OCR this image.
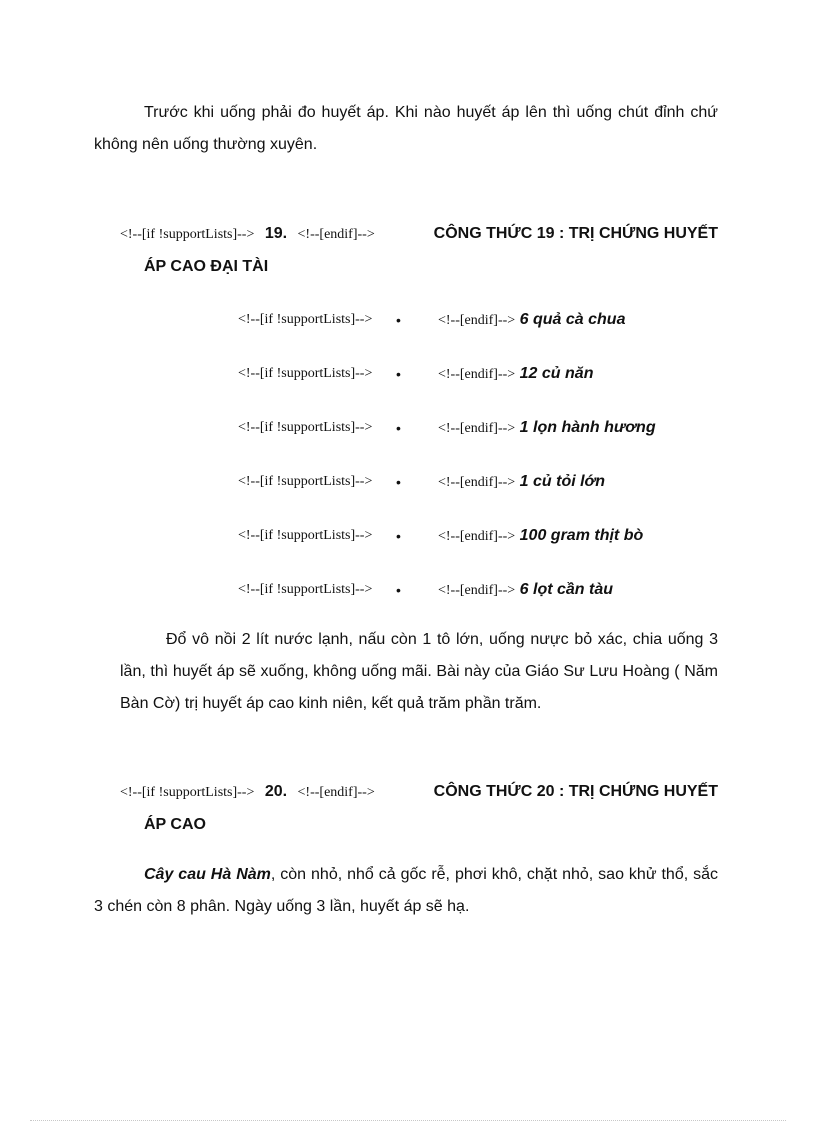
Trước khi uống phải đo huyết áp. Khi nào huyết áp lên thì uống chút đỉnh chứ không nên uống thường xuyên.
<!--[if !supportLists]--> 19. <!--[endif]-->	CÔNG THỨC 19 : TRỊ CHỨNG HUYẾT
ÁP CAO ĐẠI TÀI
<!--[if !supportLists]--> •	<!--[endif]--> 6 quả cà chua
<!--[if !supportLists]--> •	<!--[endif]--> 12 củ năn
<!--[if !supportLists]--> •	<!--[endif]--> 1 lọn hành hương
<!--[if !supportLists]--> •	<!--[endif]--> 1 củ tỏi lớn
<!--[if !supportLists]--> •	<!--[endif]--> 100 gram thịt bò
<!--[if !supportLists]--> •	<!--[endif]--> 6 lọt cần tàu
Đổ vô nồi 2 lít nước lạnh, nấu còn 1 tô lớn, uống nưực bỏ xác, chia uống 3 lần, thì huyết áp sẽ xuống, không uống mãi. Bài này của Giáo Sư Lưu Hoàng ( Năm Bàn Cờ) trị huyết áp cao kinh niên, kết quả trăm phần trăm.
<!--[if !supportLists]--> 20. <!--[endif]-->	CÔNG THỨC 20 : TRỊ CHỨNG HUYẾT
ÁP CAO
Cây cau Hà Nàm, còn nhỏ, nhổ cả gốc rễ, phơi khô, chặt nhỏ, sao khử thổ, sắc 3 chén còn 8 phân. Ngày uống 3 lần, huyết áp sẽ hạ.
